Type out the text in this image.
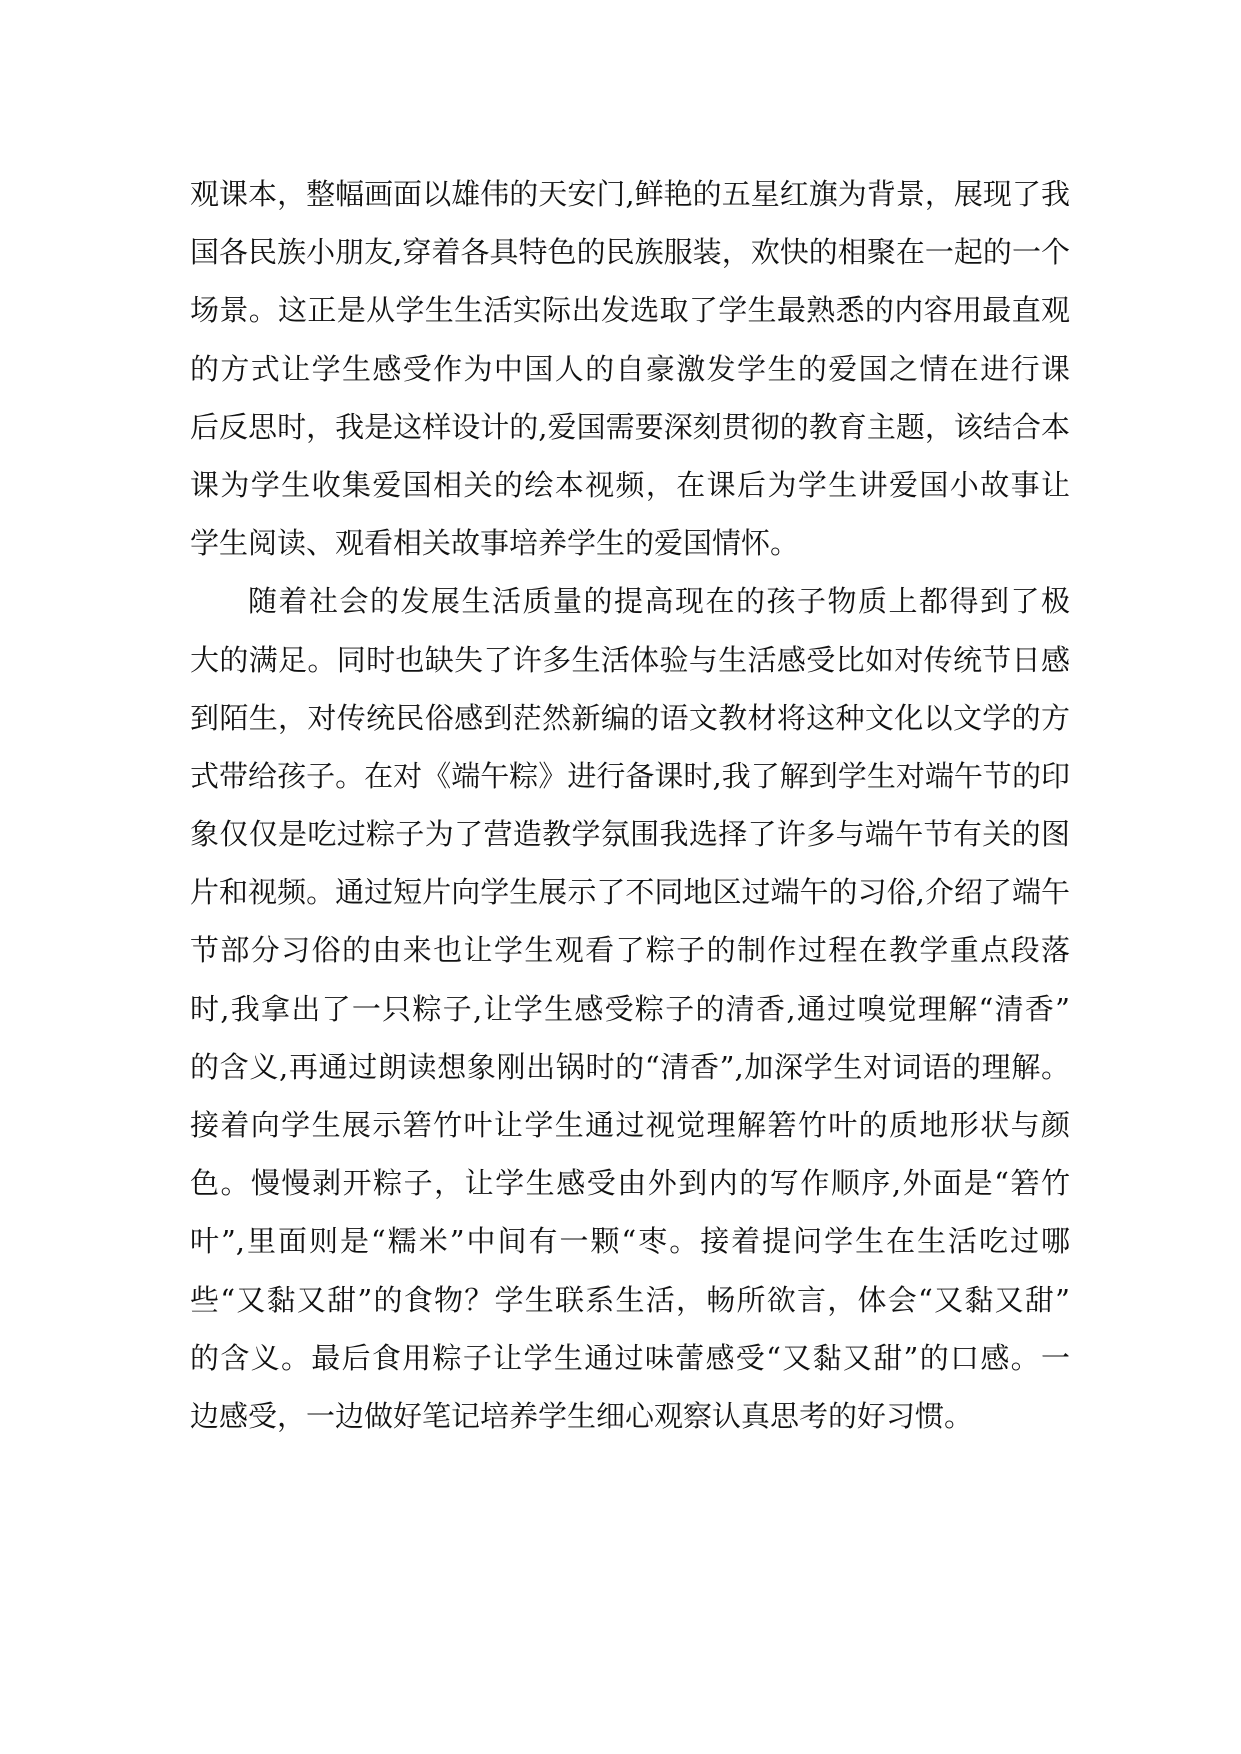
观课本，整幅画面以雄伟的天安门,鲜艳的五星红旗为背景，展现了我
国各民族小朋友,穿着各具特色的民族服装，欢快的相聚在一起的一个
场景。这正是从学生生活实际出发选取了学生最熟悉的内容用最直观
的方式让学生感受作为中国人的自豪激发学生的爱国之情在进行课
后反思时，我是这样设计的,爱国需要深刻贯彻的教育主题，该结合本
课为学生收集爱国相关的绘本视频，在课后为学生讲爱国小故事让
学生阅读、观看相关故事培养学生的爱国情怀。
随着社会的发展生活质量的提高现在的孩子物质上都得到了极
大的满足。同时也缺失了许多生活体验与生活感受比如对传统节日感
到陌生，对传统民俗感到茫然新编的语文教材将这种文化以文学的方
式带给孩子。在对《端午粽》进行备课时,我了解到学生对端午节的印
象仅仅是吃过粽子为了营造教学氛围我选择了许多与端午节有关的图
片和视频。通过短片向学生展示了不同地区过端午的习俗,介绍了端午
节部分习俗的由来也让学生观看了粽子的制作过程在教学重点段落
时,我拿出了一只粽子,让学生感受粽子的清香,通过嗅觉理解“清香”
的含义,再通过朗读想象刚出锅时的“清香”,加深学生对词语的理解。
接着向学生展示箬竹叶让学生通过视觉理解箬竹叶的质地形状与颜
色。慢慢剥开粽子，让学生感受由外到内的写作顺序,外面是“箬竹
叶”,里面则是“糯米”中间有一颗“枣。接着提问学生在生活吃过哪
些“又黏又甜”的食物？学生联系生活，畅所欲言，体会“又黏又甜”
的含义。最后食用粽子让学生通过味蕾感受“又黏又甜”的口感。一
边感受，一边做好笔记培养学生细心观察认真思考的好习惯。
